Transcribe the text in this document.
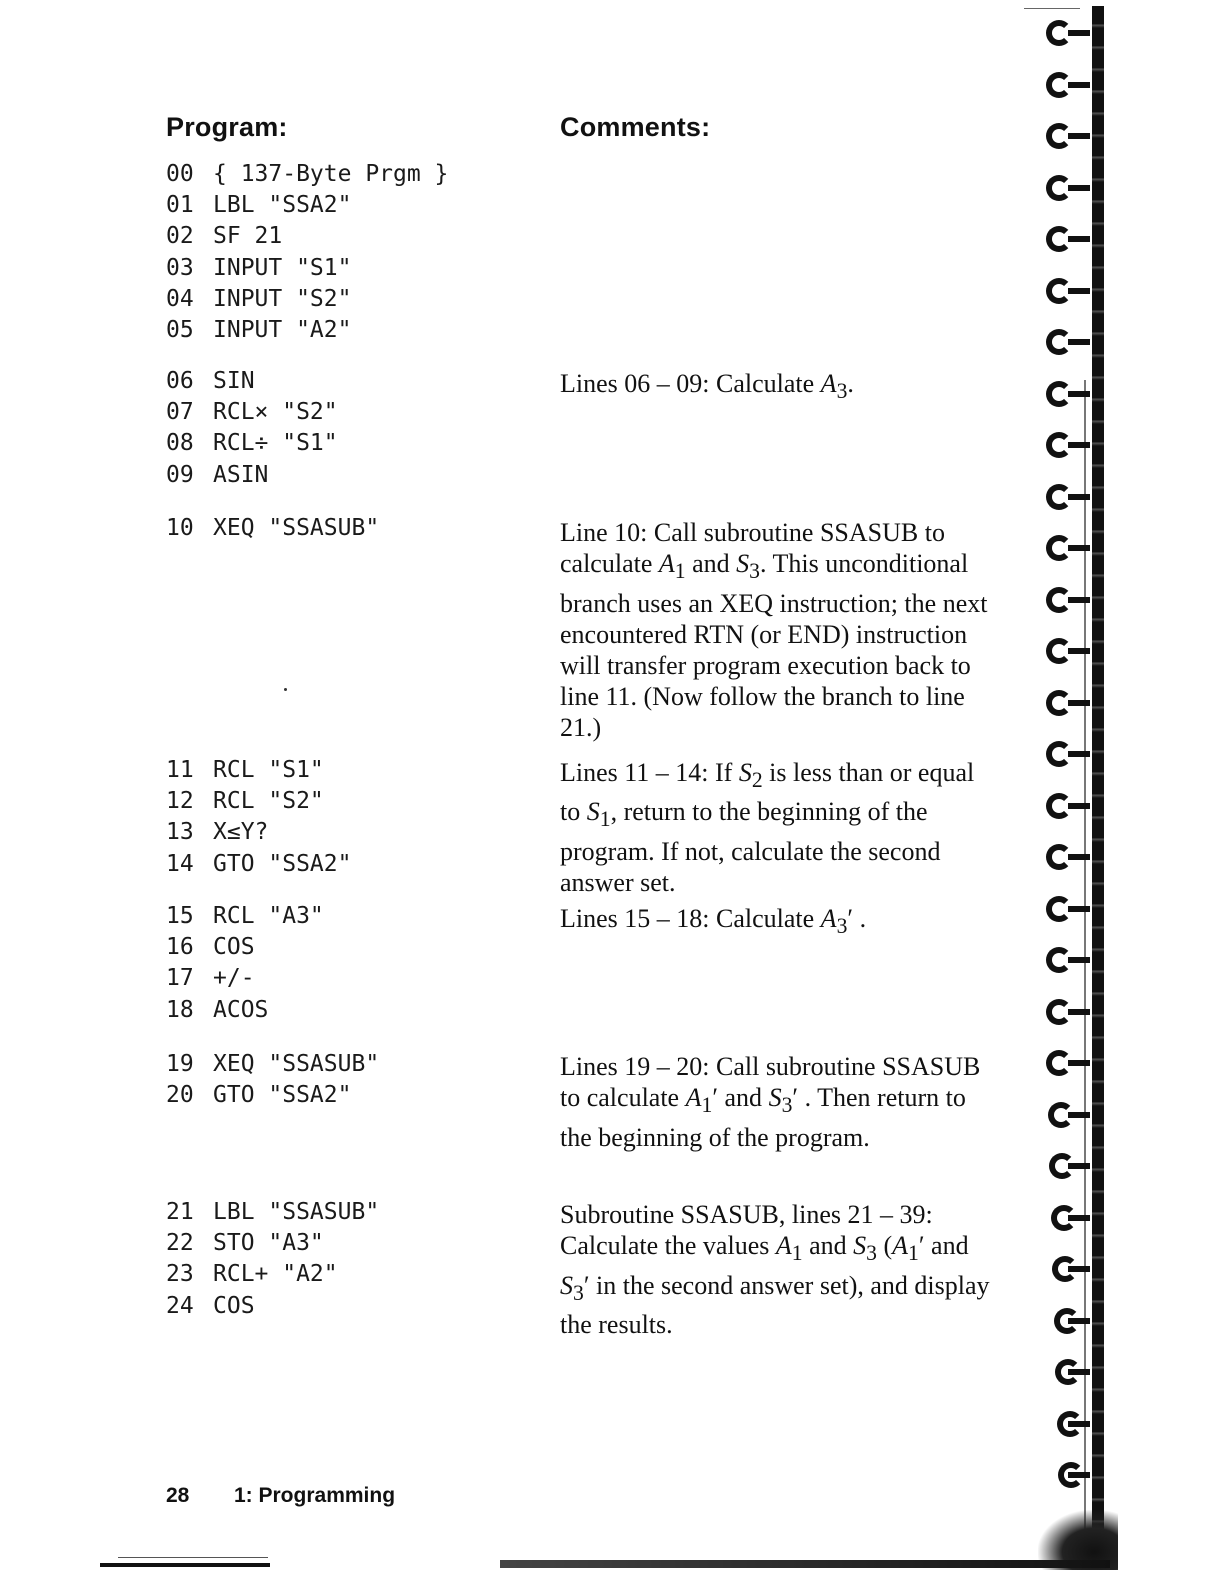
Program:	Comments:
00 { 137-Byte Prgm }
01 LBL "SSA2"
02 SF 21
03 INPUT "S1"
04 INPUT "S2"
05 INPUT "A2"
06 SIN
07 RCL× "S2"
08 RCL÷ "S1"
09 ASIN
10 XEQ "SSASUB"
11 RCL "S1"
12 RCL "S2"
13 X≤Y?
14 GTO "SSA2"
15 RCL "A3"
16 COS
17 +/-
18 ACOS
19 XEQ "SSASUB"
20 GTO "SSA2"
21 LBL "SSASUB"
22 STO "A3"
23 RCL+ "A2"
24 COS
Lines 06 – 09: Calculate $A_3$.
Line 10: Call subroutine SSASUB to calculate $A_1$ and $S_3$. This unconditional branch uses an XEQ instruction; the next encountered RTN (or END) instruction will transfer program execution back to line 11. (Now follow the branch to line 21.)
Lines 11 – 14: If $S_2$ is less than or equal to $S_1$, return to the beginning of the program. If not, calculate the second answer set.
Lines 15 – 18: Calculate $A_3'$ .
Lines 19 – 20: Call subroutine SSASUB to calculate $A_1'$ and $S_3'$ . Then return to the beginning of the program.
Subroutine SSASUB, lines 21 – 39: Calculate the values $A_1$ and $S_3$ ($A_1'$ and $S_3'$ in the second answer set), and display the results.
28 1: Programming
